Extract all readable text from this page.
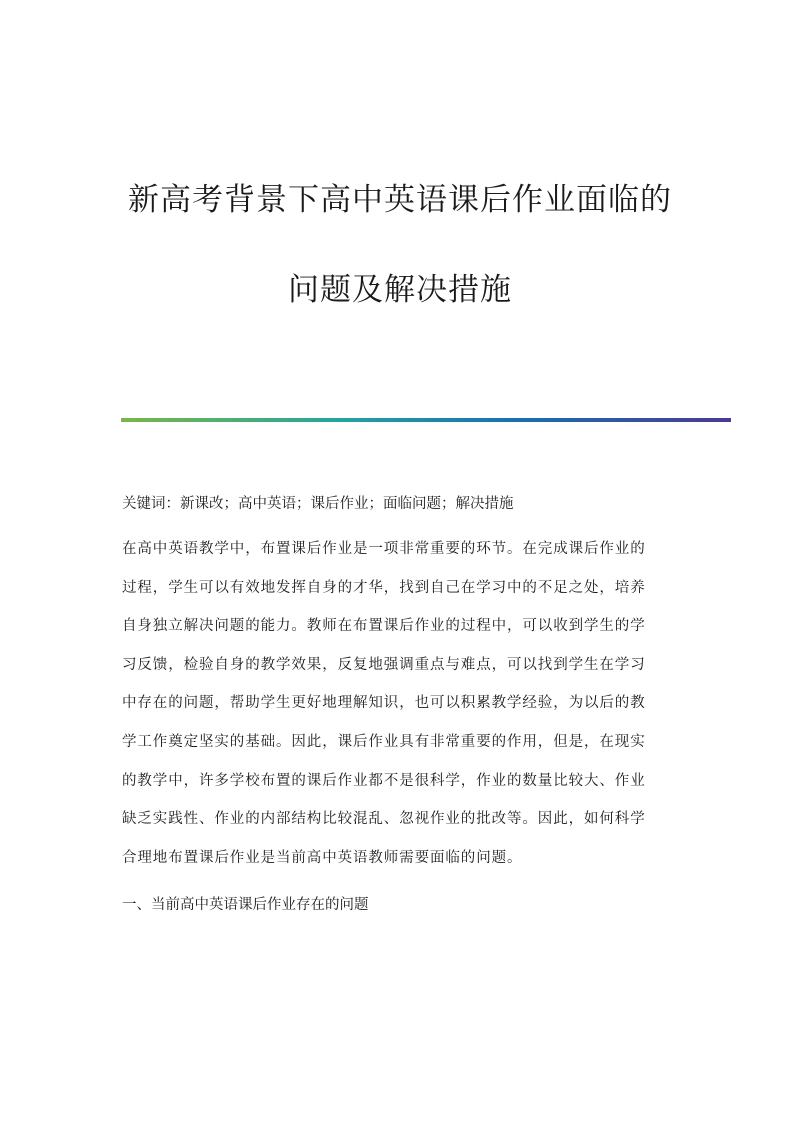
新高考背景下高中英语课后作业面临的

问题及解决措施

关键词：新课改；高中英语；课后作业；面临问题；解决措施

在高中英语教学中，布置课后作业是一项非常重要的环节。在完成课后作业的
过程，学生可以有效地发挥自身的才华，找到自己在学习中的不足之处，培养
自身独立解决问题的能力。教师在布置课后作业的过程中，可以收到学生的学
习反馈，检验自身的教学效果，反复地强调重点与难点，可以找到学生在学习
中存在的问题，帮助学生更好地理解知识，也可以积累教学经验，为以后的教
学工作奠定坚实的基础。因此，课后作业具有非常重要的作用，但是，在现实
的教学中，许多学校布置的课后作业都不是很科学，作业的数量比较大、作业
缺乏实践性、作业的内部结构比较混乱、忽视作业的批改等。因此，如何科学
合理地布置课后作业是当前高中英语教师需要面临的问题。

一、当前高中英语课后作业存在的问题
